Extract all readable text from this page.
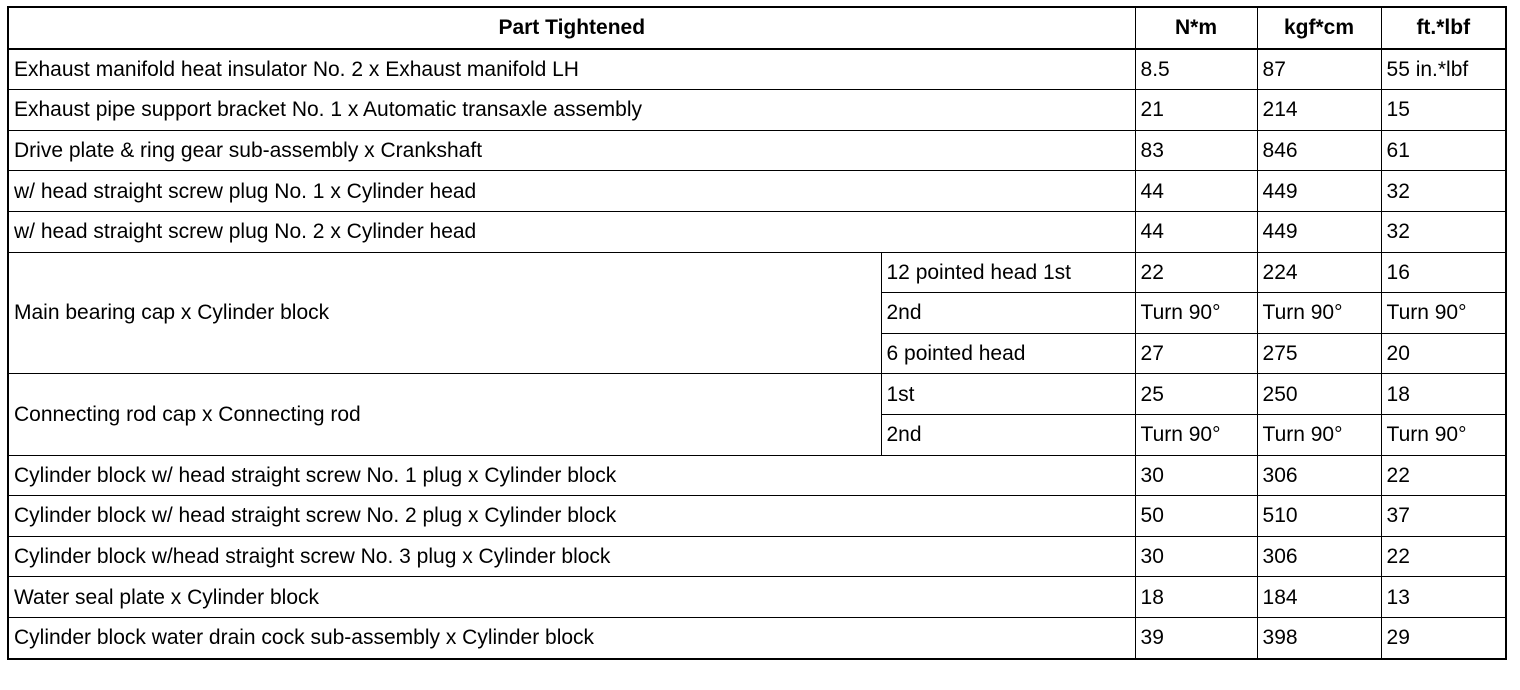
Part Tightened		N*m	kgf*cm	ft.*lbf
Exhaust manifold heat insulator No. 2 x Exhaust manifold LH		8.5	87	55 in.*lbf
Exhaust pipe support bracket No. 1 x Automatic transaxle assembly		21	214	15
Drive plate & ring gear sub-assembly x Crankshaft		83	846	61
w/ head straight screw plug No. 1 x Cylinder head		44	449	32
w/ head straight screw plug No. 2 x Cylinder head		44	449	32
Main bearing cap x Cylinder block	12 pointed head 1st	22	224	16
	2nd	Turn 90°	Turn 90°	Turn 90°
	6 pointed head	27	275	20
Connecting rod cap x Connecting rod	1st	25	250	18
	2nd	Turn 90°	Turn 90°	Turn 90°
Cylinder block w/ head straight screw No. 1 plug x Cylinder block		30	306	22
Cylinder block w/ head straight screw No. 2 plug x Cylinder block		50	510	37
Cylinder block w/head straight screw No. 3 plug x Cylinder block		30	306	22
Water seal plate x Cylinder block		18	184	13
Cylinder block water drain cock sub-assembly x Cylinder block		39	398	29
